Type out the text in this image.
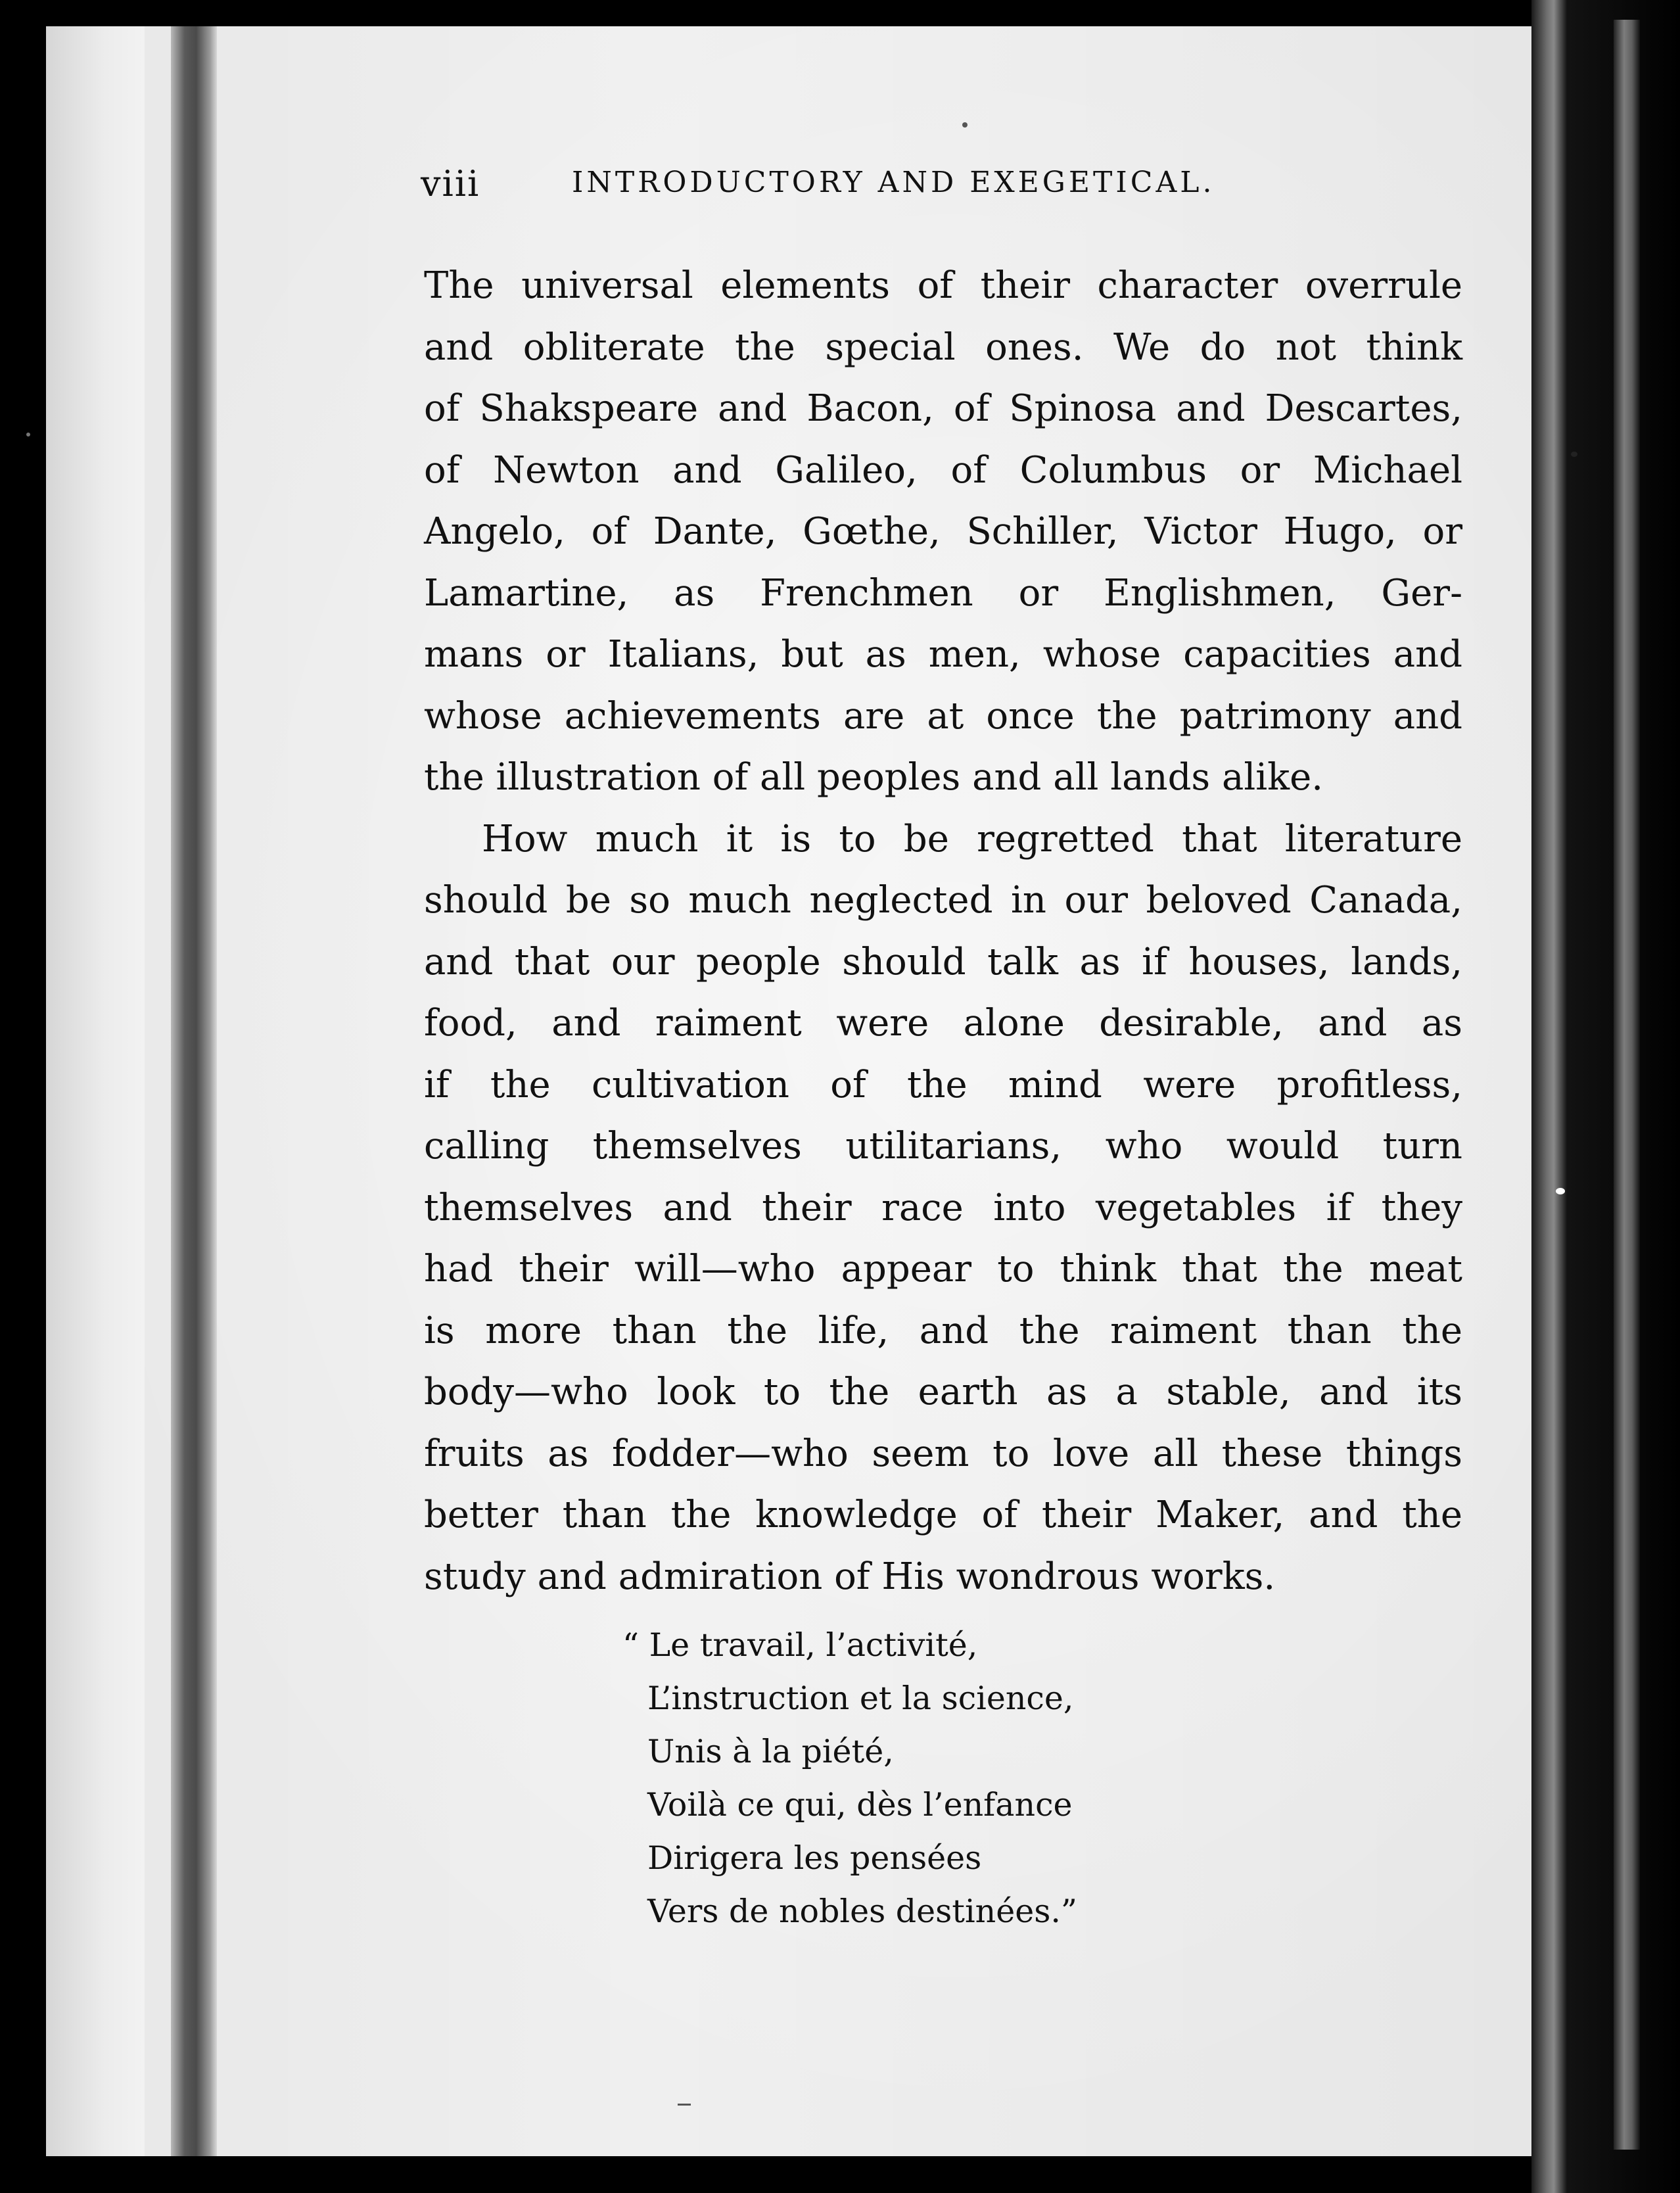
viii	INTRODUCTORY AND EXEGETICAL.
The universal elements of their character overrule
and obliterate the special ones. We do not think
of Shakspeare and Bacon, of Spinosa and Descartes,
of Newton and Galileo, of Columbus or Michael
Angelo, of Dante, Gœthe, Schiller, Victor Hugo, or
Lamartine, as Frenchmen or Englishmen, Ger-
mans or Italians, but as men, whose capacities and
whose achievements are at once the patrimony and
the illustration of all peoples and all lands alike.
How much it is to be regretted that literature
should be so much neglected in our beloved Canada,
and that our people should talk as if houses, lands,
food, and raiment were alone desirable, and as
if the cultivation of the mind were profitless,
calling themselves utilitarians, who would turn
themselves and their race into vegetables if they
had their will—who appear to think that the meat
is more than the life, and the raiment than the
body—who look to the earth as a stable, and its
fruits as fodder—who seem to love all these things
better than the knowledge of their Maker, and the
study and admiration of His wondrous works.
“ Le travail, l’activité,
L’instruction et la science,
Unis à la piété,
Voilà ce qui, dès l’enfance
Dirigera les pensées
Vers de nobles destinées.”
